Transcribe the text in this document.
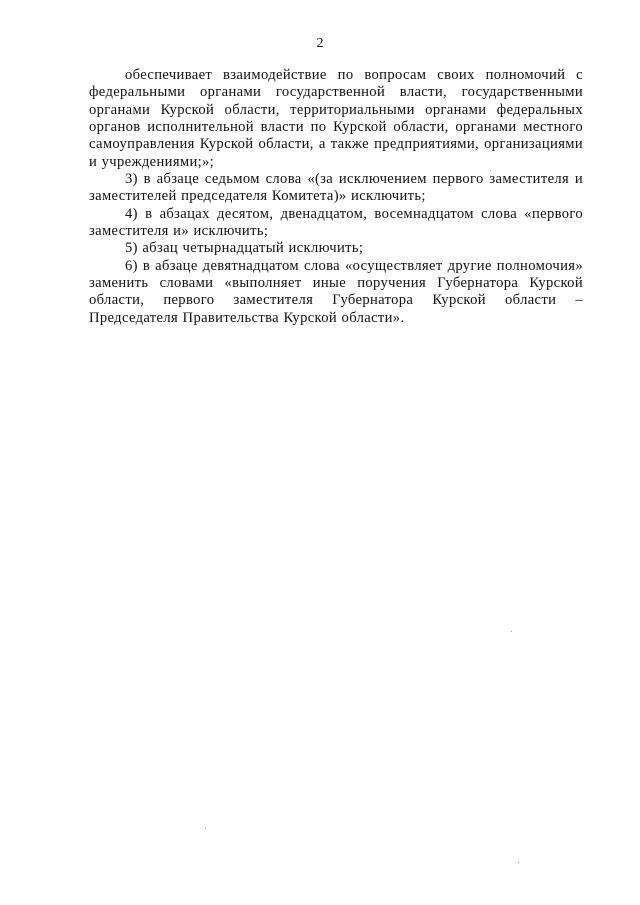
2

обеспечивает взаимодействие по вопросам своих полномочий с
федеральными органами государственной власти, государственными
органами Курской области, территориальными органами федеральных
органов исполнительной власти по Курской области, органами местного
самоуправления Курской области, а также предприятиями, организациями
и учреждениями;»;

3) в абзаце седьмом слова «(за исключением первого заместителя и
заместителей председателя Комитета)» исключить;

4) в абзацах десятом, двенадцатом, восемнадцатом слова «первого
заместителя и» исключить;

5) абзац четырнадцатый исключить;

6) в абзаце девятнадцатом слова «осуществляет другие полномочия»
заменить словами «выполняет иные поручения Губернатора Курской
области, первого заместителя Губернатора Курской области –
Председателя Правительства Курской области».
